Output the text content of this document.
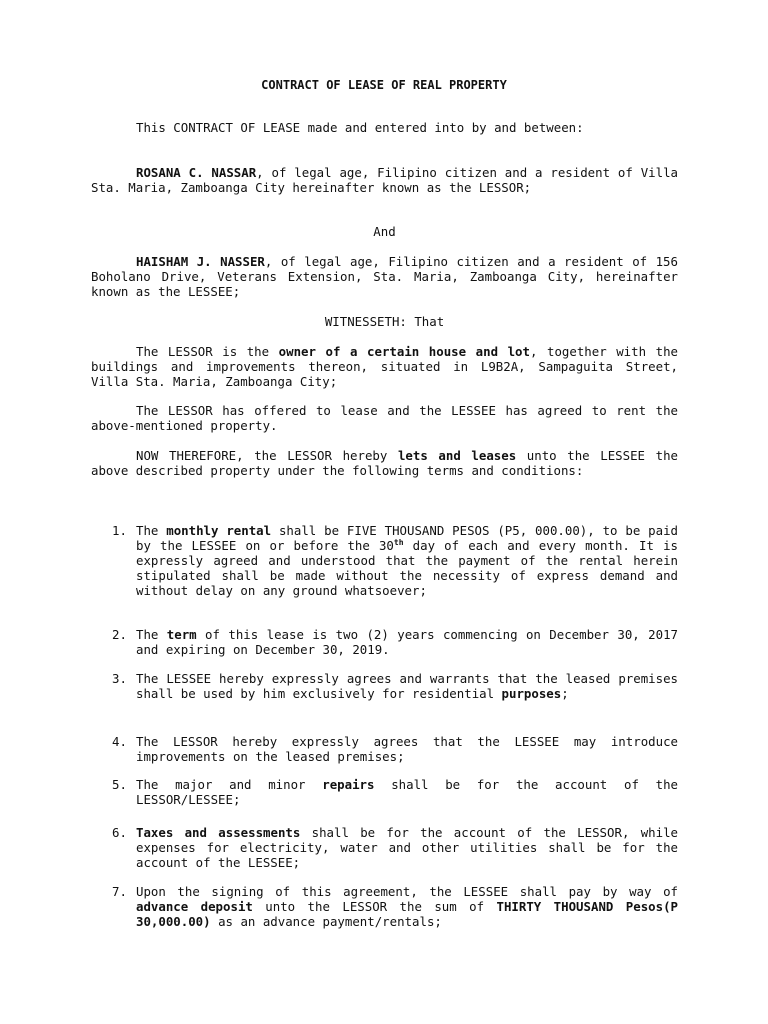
CONTRACT OF LEASE OF REAL PROPERTY
This CONTRACT OF LEASE made and entered into by and between:
ROSANA C. NASSAR, of legal age, Filipino citizen and a resident of Villa Sta. Maria, Zamboanga City hereinafter known as the LESSOR;
And
HAISHAM J. NASSER, of legal age, Filipino citizen and a resident of 156 Boholano Drive, Veterans Extension, Sta. Maria, Zamboanga City, hereinafter known as the LESSEE;
WITNESSETH: That
The LESSOR is the owner of a certain house and lot, together with the buildings and improvements thereon, situated in L9B2A, Sampaguita Street, Villa Sta. Maria, Zamboanga City;
The LESSOR has offered to lease and the LESSEE has agreed to rent the above-mentioned property.
NOW THEREFORE, the LESSOR hereby lets and leases unto the LESSEE the above described property under the following terms and conditions:
1. The monthly rental shall be FIVE THOUSAND PESOS (P5, 000.00), to be paid by the LESSEE on or before the 30th day of each and every month. It is expressly agreed and understood that the payment of the rental herein stipulated shall be made without the necessity of express demand and without delay on any ground whatsoever;
2. The term of this lease is two (2) years commencing on December 30, 2017 and expiring on December 30, 2019.
3. The LESSEE hereby expressly agrees and warrants that the leased premises shall be used by him exclusively for residential purposes;
4. The LESSOR hereby expressly agrees that the LESSEE may introduce improvements on the leased premises;
5. The major and minor repairs shall be for the account of the LESSOR/LESSEE;
6. Taxes and assessments shall be for the account of the LESSOR, while expenses for electricity, water and other utilities shall be for the account of the LESSEE;
7. Upon the signing of this agreement, the LESSEE shall pay by way of advance deposit unto the LESSOR the sum of THIRTY THOUSAND Pesos(P 30,000.00) as an advance payment/rentals;
